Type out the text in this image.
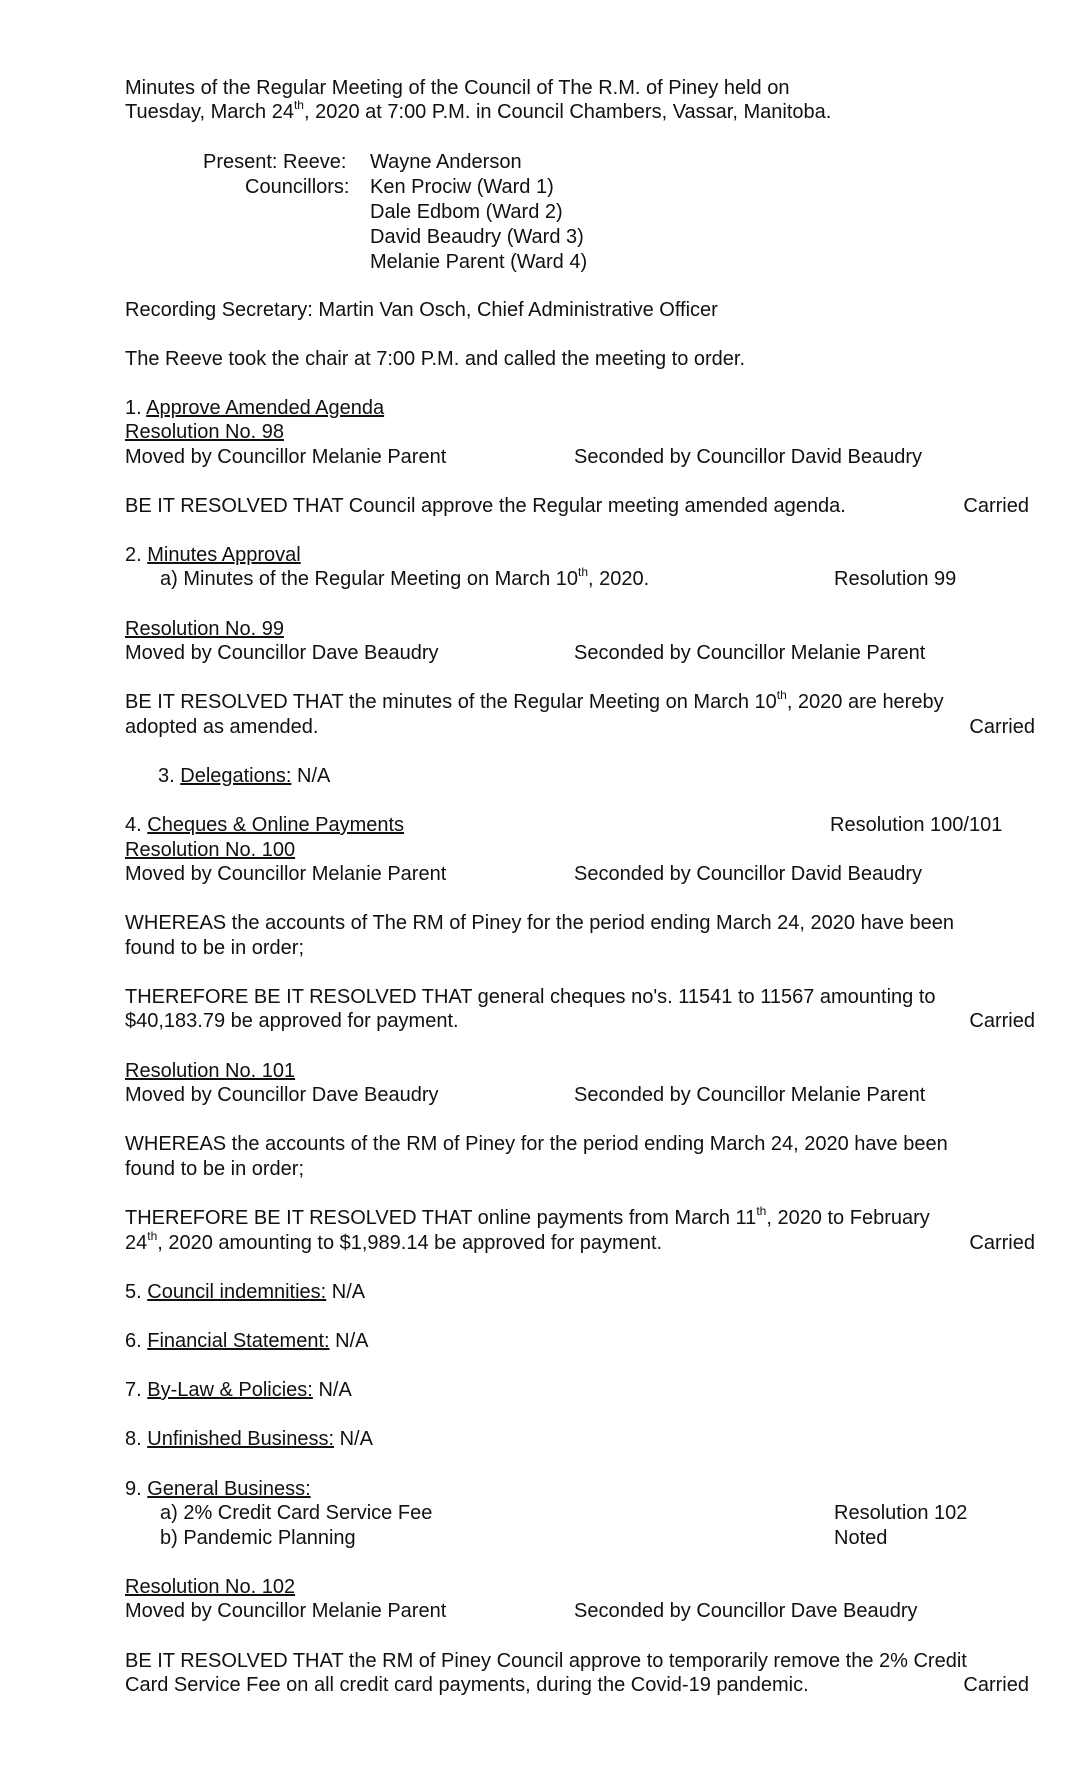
Minutes of the Regular Meeting of the Council of The R.M. of Piney held on
Tuesday, March 24th, 2020 at 7:00 P.M. in Council Chambers, Vassar, Manitoba.
Present: Reeve: Wayne Anderson
Councillors: Ken Prociw (Ward 1)
Dale Edbom (Ward 2)
David Beaudry (Ward 3)
Melanie Parent (Ward 4)
Recording Secretary: Martin Van Osch, Chief Administrative Officer
The Reeve took the chair at 7:00 P.M. and called the meeting to order.
1. Approve Amended Agenda
Resolution No. 98
Moved by Councillor Melanie Parent	Seconded by Councillor David Beaudry
BE IT RESOLVED THAT Council approve the Regular meeting amended agenda.	Carried
2. Minutes Approval
a) Minutes of the Regular Meeting on March 10th, 2020.	Resolution 99
Resolution No. 99
Moved by Councillor Dave Beaudry	Seconded by Councillor Melanie Parent
BE IT RESOLVED THAT the minutes of the Regular Meeting on March 10th, 2020 are hereby
adopted as amended.	Carried
3. Delegations: N/A
4. Cheques & Online Payments	Resolution 100/101
Resolution No. 100
Moved by Councillor Melanie Parent	Seconded by Councillor David Beaudry
WHEREAS the accounts of The RM of Piney for the period ending March 24, 2020 have been
found to be in order;
THEREFORE BE IT RESOLVED THAT general cheques no's. 11541 to 11567 amounting to
$40,183.79 be approved for payment.	Carried
Resolution No. 101
Moved by Councillor Dave Beaudry	Seconded by Councillor Melanie Parent
WHEREAS the accounts of the RM of Piney for the period ending March 24, 2020 have been
found to be in order;
THEREFORE BE IT RESOLVED THAT online payments from March 11th, 2020 to February
24th, 2020 amounting to $1,989.14 be approved for payment.	Carried
5. Council indemnities: N/A
6. Financial Statement: N/A
7. By-Law & Policies: N/A
8. Unfinished Business: N/A
9. General Business:
a) 2% Credit Card Service Fee	Resolution 102
b) Pandemic Planning	Noted
Resolution No. 102
Moved by Councillor Melanie Parent	Seconded by Councillor Dave Beaudry
BE IT RESOLVED THAT the RM of Piney Council approve to temporarily remove the 2% Credit
Card Service Fee on all credit card payments, during the Covid-19 pandemic.	Carried
